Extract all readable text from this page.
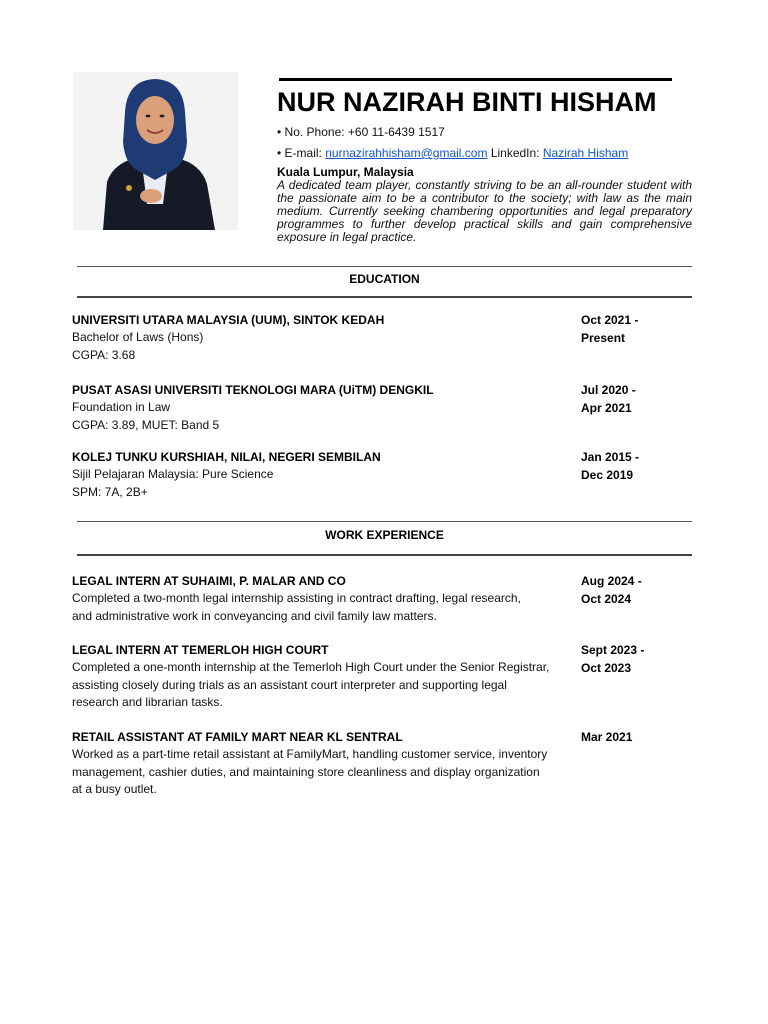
NUR NAZIRAH BINTI HISHAM
• No. Phone: +60 11-6439 1517
• E-mail: nurnazirahhisham@gmail.com LinkedIn: Nazirah Hisham
Kuala Lumpur, Malaysia

A dedicated team player, constantly striving to be an all-rounder student with the passionate aim to be a contributor to the society; with law as the main medium. Currently seeking chambering opportunities and legal preparatory programmes to further develop practical skills and gain comprehensive exposure in legal practice.

EDUCATION

UNIVERSITI UTARA MALAYSIA (UUM), SINTOK KEDAH

Bachelor of Laws (Hons)

CGPA: 3.68

Oct 2021 -
Present

PUSAT ASASI UNIVERSITI TEKNOLOGI MARA (UiTM) DENGKIL

Foundation in Law

CGPA: 3.89, MUET: Band 5

Jul 2020 -
Apr 2021

KOLEJ TUNKU KURSHIAH, NILAI, NEGERI SEMBILAN

Sijil Pelajaran Malaysia: Pure Science

SPM: 7A, 2B+

Jan 2015 -
Dec 2019
WORK EXPERIENCE

LEGAL INTERN AT SUHAIMI, P. MALAR AND CO

Completed a two-month legal internship assisting in contract drafting, legal research,

and administrative work in conveyancing and civil family law matters.

Aug 2024 -
Oct 2024

LEGAL INTERN AT TEMERLOH HIGH COURT

Completed a one-month internship at the Temerloh High Court under the Senior Registrar,

assisting closely during trials as an assistant court interpreter and supporting legal

research and librarian tasks.

Sept 2023 -
Oct 2023

RETAIL ASSISTANT AT FAMILY MART NEAR KL SENTRAL

Worked as a part-time retail assistant at FamilyMart, handling customer service, inventory

management, cashier duties, and maintaining store cleanliness and display organization

at a busy outlet.

Mar 2021
